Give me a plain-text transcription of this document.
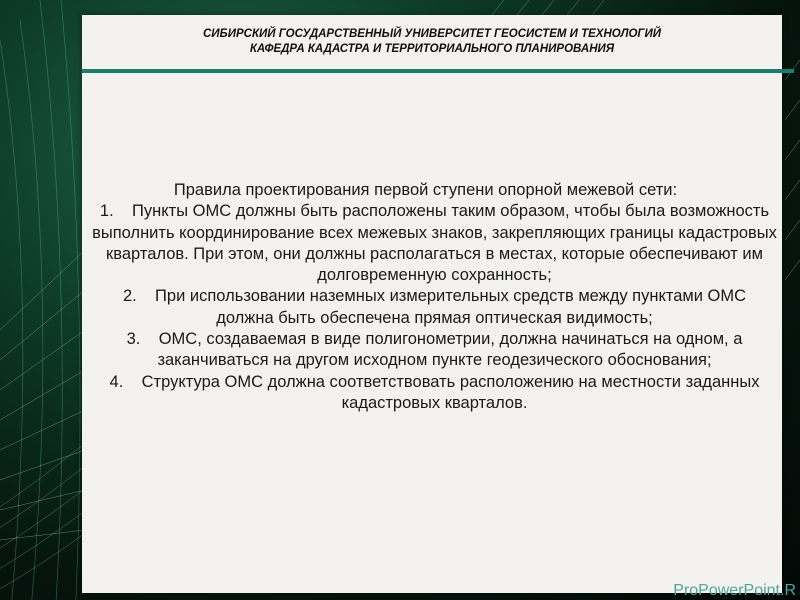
СИБИРСКИЙ ГОСУДАРСТВЕННЫЙ УНИВЕРСИТЕТ ГЕОСИСТЕМ И ТЕХНОЛОГИЙ
КАФЕДРА КАДАСТРА И ТЕРРИТОРИАЛЬНОГО ПЛАНИРОВАНИЯ
Правила проектирования первой ступени опорной межевой сети:
1. Пункты ОМС должны быть расположены таким образом, чтобы была возможность выполнить координирование всех межевых знаков, закрепляющих границы кадастровых кварталов. При этом, они должны располагаться в местах, которые обеспечивают им долговременную сохранность;
2. При использовании наземных измерительных средств между пунктами ОМС должна быть обеспечена прямая оптическая видимость;
3. ОМС, создаваемая в виде полигонометрии, должна начинаться на одном, а заканчиваться на другом исходном пункте геодезического обоснования;
4. Структура ОМС должна соответствовать расположению на местности заданных кадастровых кварталов.
ProPowerPoint.R
